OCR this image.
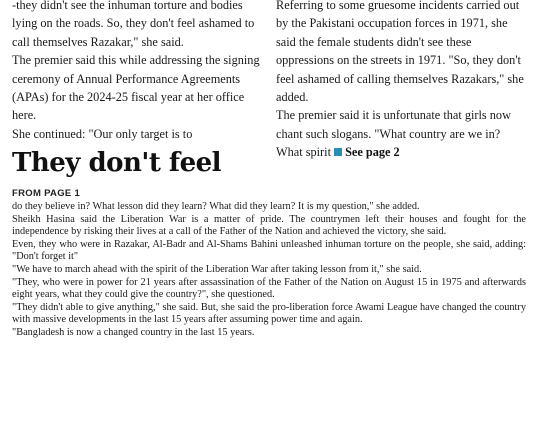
-they didn't see the inhuman torture and bodies lying on the roads. So, they don't feel ashamed to call themselves Razakar," she said.

The premier said this while addressing the signing ceremony of Annual Performance Agreements (APAs) for the 2024-25 fiscal year at her office here.

She continued: "Our only target is to

Referring to some gruesome incidents carried out by the Pakistani occupation forces in 1971, she said the female students didn't see these oppressions on the streets in 1971. "So, they don't feel ashamed of calling themselves Razakars," she added.

The premier said it is unfortunate that girls now chant such slogans. "What country are we in? What spirit See page 2

They don't feel
FROM PAGE 1

do they believe in? What lesson did they learn? What did they learn? It is my question," she added.

Sheikh Hasina said the Liberation War is a matter of pride. The countrymen left their houses and fought for the independence by risking their lives at a call of the Father of the Nation and achieved the victory, she said.

Even, they who were in Razakar, Al-Badr and Al-Shams Bahini unleashed inhuman torture on the people, she said, adding: "Don't forget it"

"We have to march ahead with the spirit of the Liberation War after taking lesson from it," she said.

"They, who were in power for 21 years after assassination of the Father of the Nation on August 15 in 1975 and afterwards eight years, what they could give the country?", she questioned.

"They didn't able to give anything," she said. But, she said the pro-liberation force Awami League have changed the country with massive developments in the last 15 years after assuming power time and again.

"Bangladesh is now a changed country in the last 15 years.
